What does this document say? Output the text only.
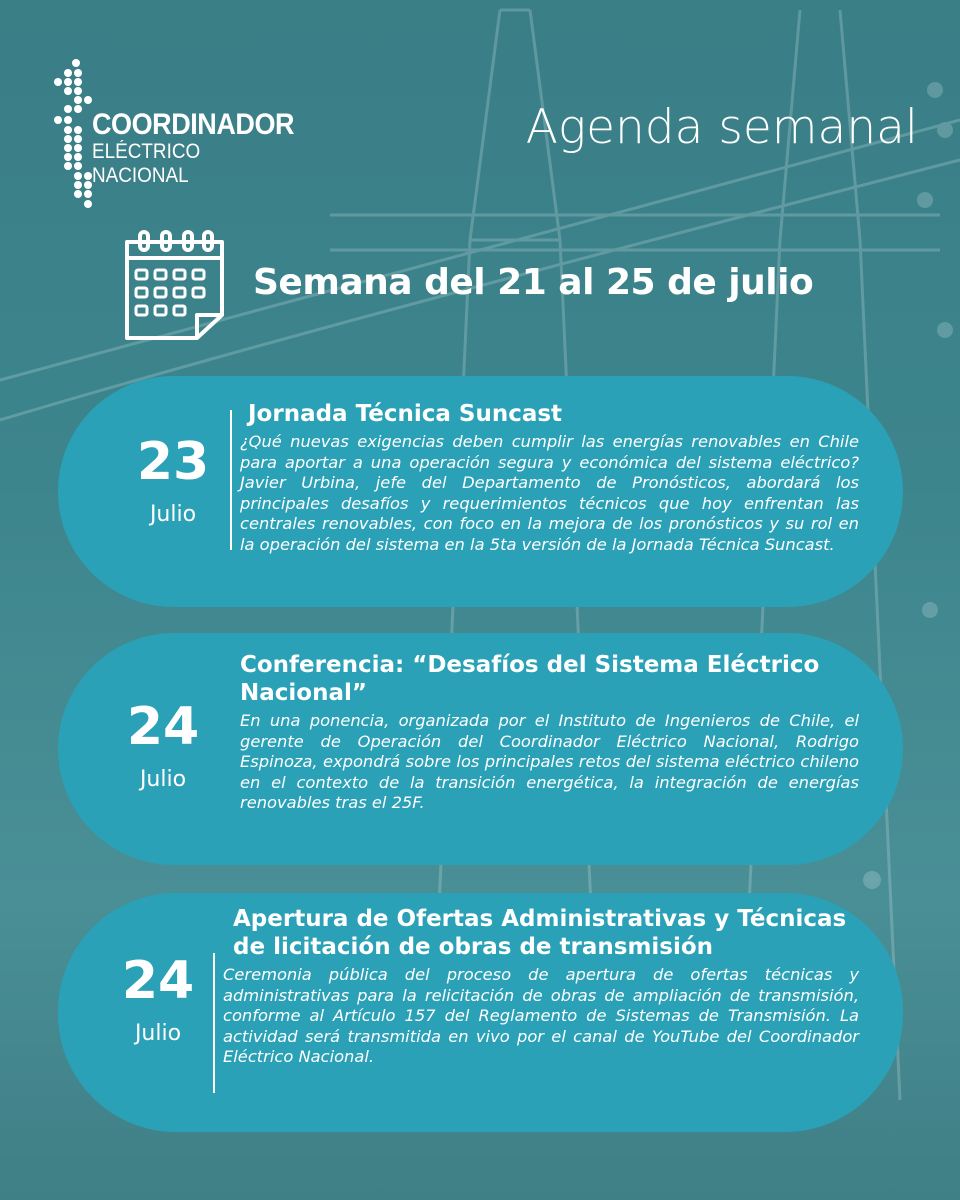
COORDINADOR
ELÉCTRICO NACIONAL
Agenda semanal
Semana del 21 al 25 de julio
23
Julio
Jornada Técnica Suncast

¿Qué nuevas exigencias deben cumplir las energías renovables en Chile para aportar a una operación segura y económica del sistema eléctrico? Javier Urbina, jefe del Departamento de Pronósticos, abordará los principales desafíos y requerimientos técnicos que hoy enfrentan las centrales renovables, con foco en la mejora de los pronósticos y su rol en la operación del sistema en la 5ta versión de la Jornada Técnica Suncast.

24
Julio
Conferencia: “Desafíos del Sistema Eléctrico Nacional”

En una ponencia, organizada por el Instituto de Ingenieros de Chile, el gerente de Operación del Coordinador Eléctrico Nacional, Rodrigo Espinoza, expondrá sobre los principales retos del sistema eléctrico chileno en el contexto de la transición energética, la integración de energías renovables tras el 25F.

24
Julio
Apertura de Ofertas Administrativas y Técnicas de licitación de obras de transmisión

Ceremonia pública del proceso de apertura de ofertas técnicas y administrativas para la relicitación de obras de ampliación de transmisión, conforme al Artículo 157 del Reglamento de Sistemas de Transmisión. La actividad será transmitida en vivo por el canal de YouTube del Coordinador Eléctrico Nacional.
